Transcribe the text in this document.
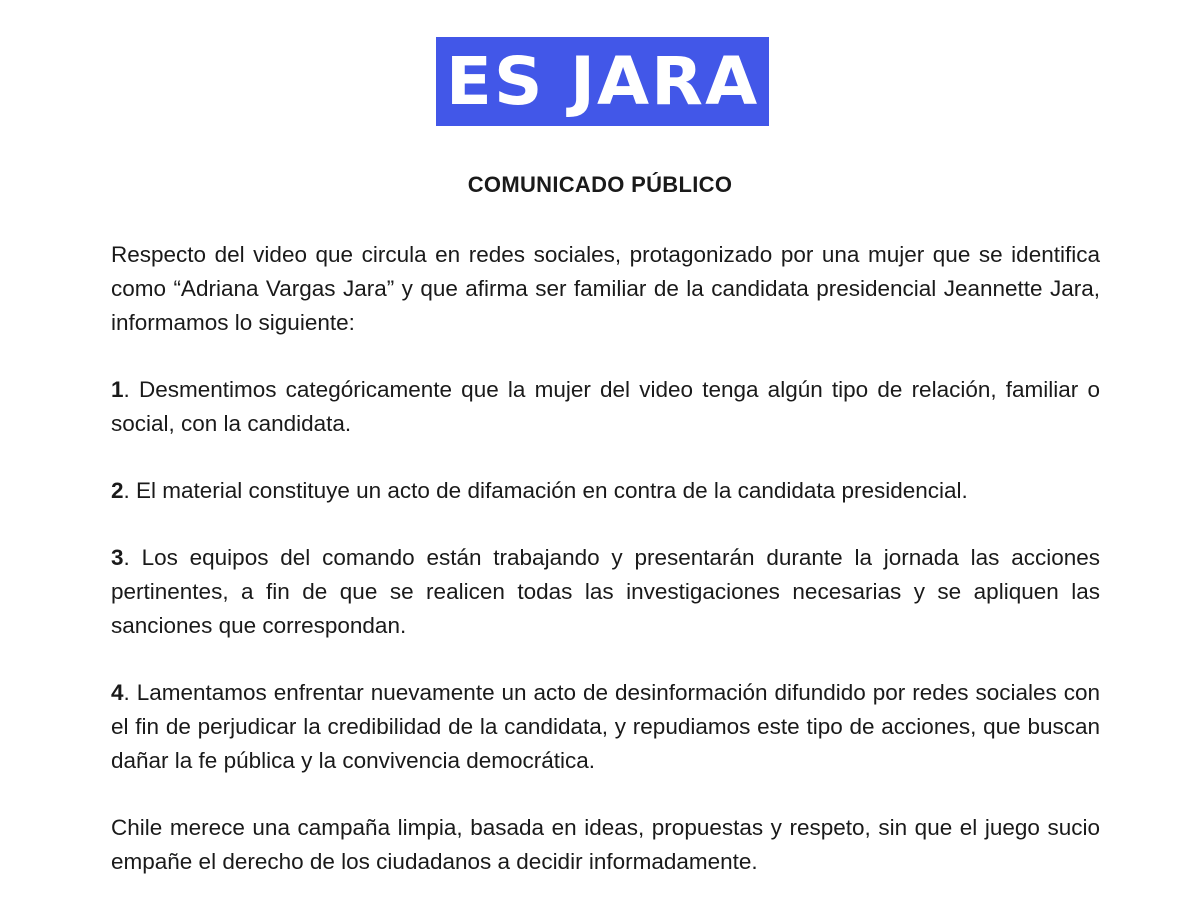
ES JARA
COMUNICADO PÚBLICO

Respecto del video que circula en redes sociales, protagonizado por una mujer que se identifica como “Adriana Vargas Jara” y que afirma ser familiar de la candidata presidencial Jeannette Jara, informamos lo siguiente:

1. Desmentimos categóricamente que la mujer del video tenga algún tipo de relación, familiar o social, con la candidata.

2. El material constituye un acto de difamación en contra de la candidata presidencial.

3. Los equipos del comando están trabajando y presentarán durante la jornada las acciones pertinentes, a fin de que se realicen todas las investigaciones necesarias y se apliquen las sanciones que correspondan.

4. Lamentamos enfrentar nuevamente un acto de desinformación difundido por redes sociales con el fin de perjudicar la credibilidad de la candidata, y repudiamos este tipo de acciones, que buscan dañar la fe pública y la convivencia democrática.

Chile merece una campaña limpia, basada en ideas, propuestas y respeto, sin que el juego sucio empañe el derecho de los ciudadanos a decidir informadamente.
